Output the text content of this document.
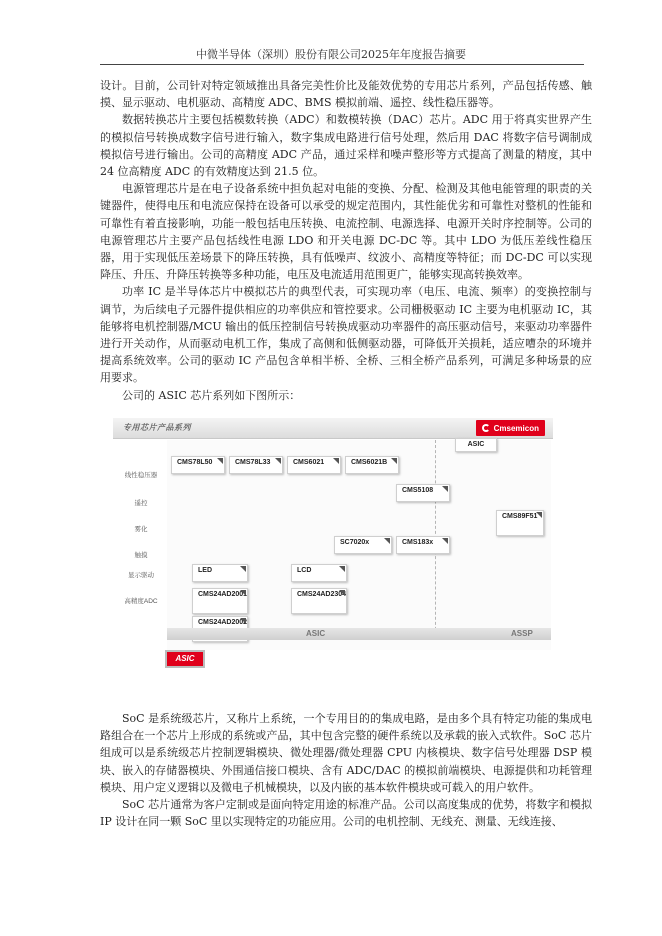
中微半导体（深圳）股份有限公司2025年年度报告摘要

设计。目前，公司针对特定领域推出具备完美性价比及能效优势的专用芯片系列，产品包括传感、触摸、显示驱动、电机驱动、高精度 ADC、BMS 模拟前端、遥控、线性稳压器等。

数据转换芯片主要包括模数转换（ADC）和数模转换（DAC）芯片。ADC 用于将真实世界产生的模拟信号转换成数字信号进行输入，数字集成电路进行信号处理，然后用 DAC 将数字信号调制成模拟信号进行输出。公司的高精度 ADC 产品，通过采样和噪声整形等方式提高了测量的精度，其中 24 位高精度 ADC 的有效精度达到 21.5 位。

电源管理芯片是在电子设备系统中担负起对电能的变换、分配、检测及其他电能管理的职责的关键器件，使得电压和电流应保持在设备可以承受的规定范围内，其性能优劣和可靠性对整机的性能和可靠性有着直接影响，功能一般包括电压转换、电流控制、电源选择、电源开关时序控制等。公司的电源管理芯片主要产品包括线性电源 LDO 和开关电源 DC-DC 等。其中 LDO 为低压差线性稳压器，用于实现低压差场景下的降压转换，具有低噪声、纹波小、高精度等特征；而 DC-DC 可以实现降压、升压、升降压转换等多种功能，电压及电流适用范围更广，能够实现高转换效率。

功率 IC 是半导体芯片中模拟芯片的典型代表，可实现功率（电压、电流、频率）的变换控制与调节，为后续电子元器件提供相应的功率供应和管控要求。公司栅极驱动 IC 主要为电机驱动 IC，其能够将电机控制器/MCU 输出的低压控制信号转换成驱动功率器件的高压驱动信号，来驱动功率器件进行开关动作，从而驱动电机工作，集成了高侧和低侧驱动器，可降低开关损耗，适应嘈杂的环境并提高系统效率。公司的驱动 IC 产品包含单相半桥、全桥、三相全桥产品系列，可满足多种场景的应用要求。

公司的 ASIC 芯片系列如下图所示：

专用芯片产品系列	Cmsemicon
线性稳压器
遥控
雾化
触摸
显示驱动
高精度ADC
CMS78L50	CMS78L33	CMS6021	CMS6021B
CMS5108
CMS89F51
SC7020x	CMS183x
LED	LCD
CMS24AD2001	CMS24AD2304
CMS24AD2002
ASIC	ASSP
ASIC
ASIC

SoC 是系统级芯片，又称片上系统，一个专用目的的集成电路，是由多个具有特定功能的集成电路组合在一个芯片上形成的系统或产品，其中包含完整的硬件系统以及承载的嵌入式软件。SoC 芯片组成可以是系统级芯片控制逻辑模块、微处理器/微处理器 CPU 内核模块、数字信号处理器 DSP 模块、嵌入的存储器模块、外围通信接口模块、含有 ADC/DAC 的模拟前端模块、电源提供和功耗管理模块、用户定义逻辑以及微电子机械模块，以及内嵌的基本软件模块或可载入的用户软件。

SoC 芯片通常为客户定制或是面向特定用途的标准产品。公司以高度集成的优势，将数字和模拟 IP 设计在同一颗 SoC 里以实现特定的功能应用。公司的电机控制、无线充、测量、无线连接、
